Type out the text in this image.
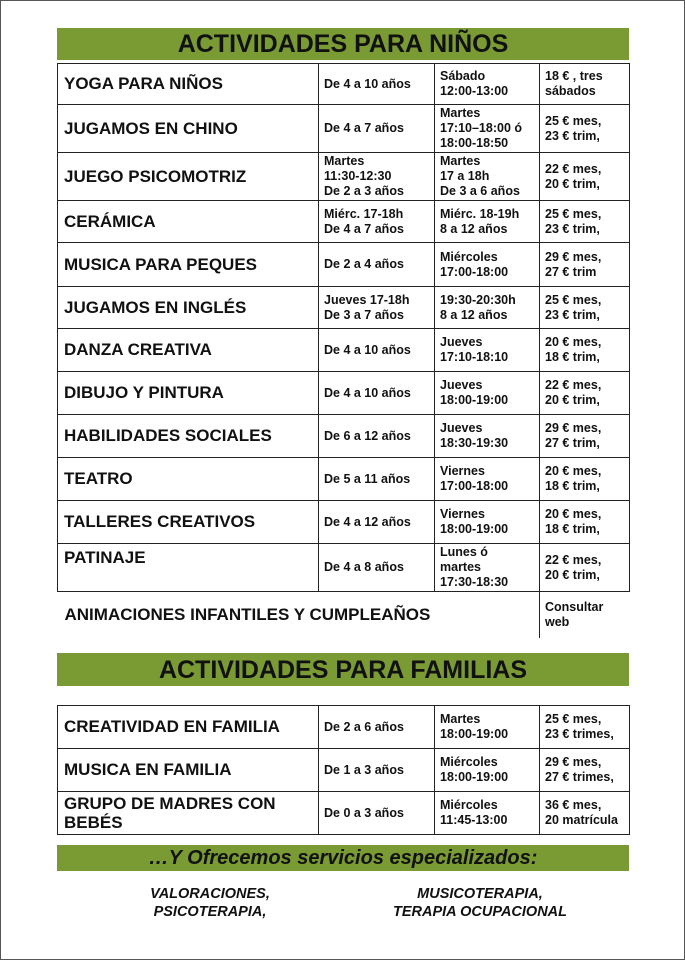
ACTIVIDADES PARA NIÑOS
YOGA PARA NIÑOS	De 4 a 10 años	Sábado
12:00-13:00	18 € , tres
sábados
JUGAMOS EN CHINO	De 4 a 7 años	Martes
17:10–18:00 ó
18:00-18:50	25 € mes,
23 € trim,
JUEGO PSICOMOTRIZ	Martes
11:30-12:30
De 2 a 3 años	Martes
17 a 18h
De 3 a 6 años	22 € mes,
20 € trim,
CERÁMICA	Miérc. 17-18h
De 4 a 7 años	Miérc. 18-19h
8 a 12 años	25 € mes,
23 € trim,
MUSICA PARA PEQUES	De 2 a 4 años	Miércoles
17:00-18:00	29 € mes,
27 € trim
JUGAMOS EN INGLÉS	Jueves 17-18h
De 3 a 7 años	19:30-20:30h
8 a 12 años	25 € mes,
23 € trim,
DANZA CREATIVA	De 4 a 10 años	Jueves
17:10-18:10	20 € mes,
18 € trim,
DIBUJO Y PINTURA	De 4 a 10 años	Jueves
18:00-19:00	22 € mes,
20 € trim,
HABILIDADES SOCIALES	De 6 a 12 años	Jueves
18:30-19:30	29 € mes,
27 € trim,
TEATRO	De 5 a 11 años	Viernes
17:00-18:00	20 € mes,
18 € trim,
TALLERES CREATIVOS	De 4 a 12 años	Viernes
18:00-19:00	20 € mes,
18 € trim,
PATINAJE	De 4 a 8 años	Lunes ó
martes
17:30-18:30	22 € mes,
20 € trim,
ANIMACIONES INFANTILES Y CUMPLEAÑOS			Consultar
web
ACTIVIDADES PARA FAMILIAS
CREATIVIDAD EN FAMILIA	De 2 a 6 años	Martes
18:00-19:00	25 € mes,
23 € trimes,
MUSICA EN FAMILIA	De 1 a 3 años	Miércoles
18:00-19:00	29 € mes,
27 € trimes,
GRUPO DE MADRES CON
BEBÉS	De 0 a 3 años	Miércoles
11:45-13:00	36 € mes,
20 matrícula
…Y Ofrecemos servicios especializados:
VALORACIONES,
PSICOTERAPIA,
MUSICOTERAPIA,
TERAPIA OCUPACIONAL
